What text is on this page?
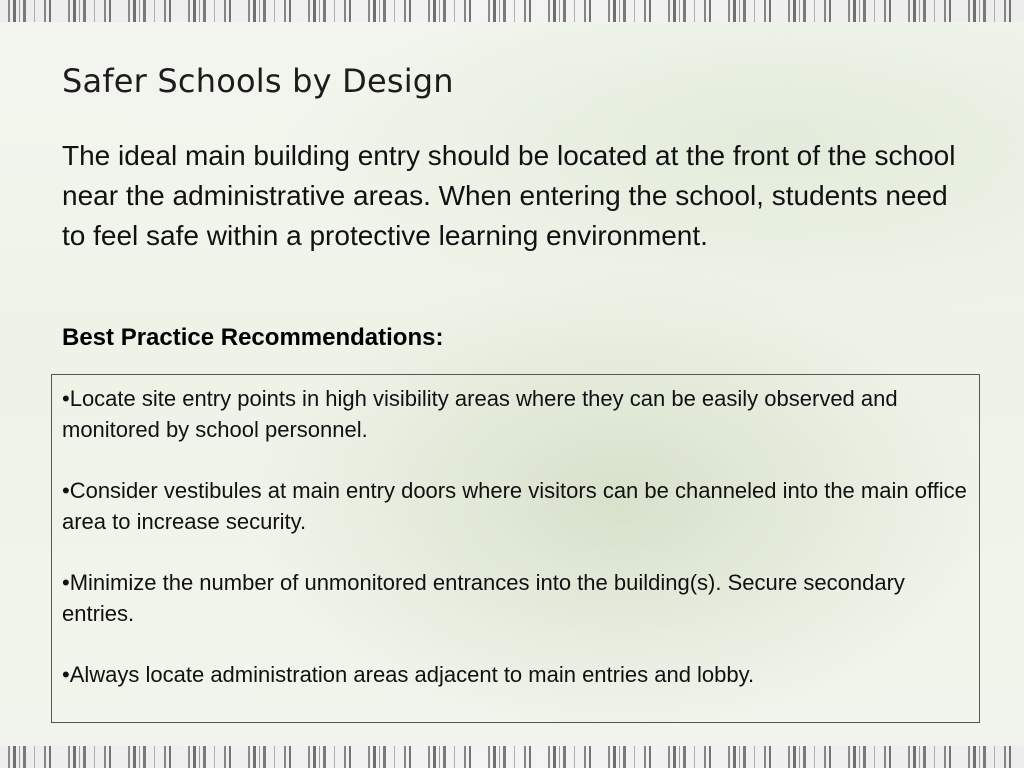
Safer Schools by Design

The ideal main building entry should be located at the front of the school near the administrative areas. When entering the school, students need to feel safe within a protective learning environment.

Best Practice Recommendations:
•Locate site entry points in high visibility areas where they can be easily observed and monitored by school personnel.
•Consider vestibules at main entry doors where visitors can be channeled into the main office area to increase security.
•Minimize the number of unmonitored entrances into the building(s). Secure secondary entries.
•Always locate administration areas adjacent to main entries and lobby.
